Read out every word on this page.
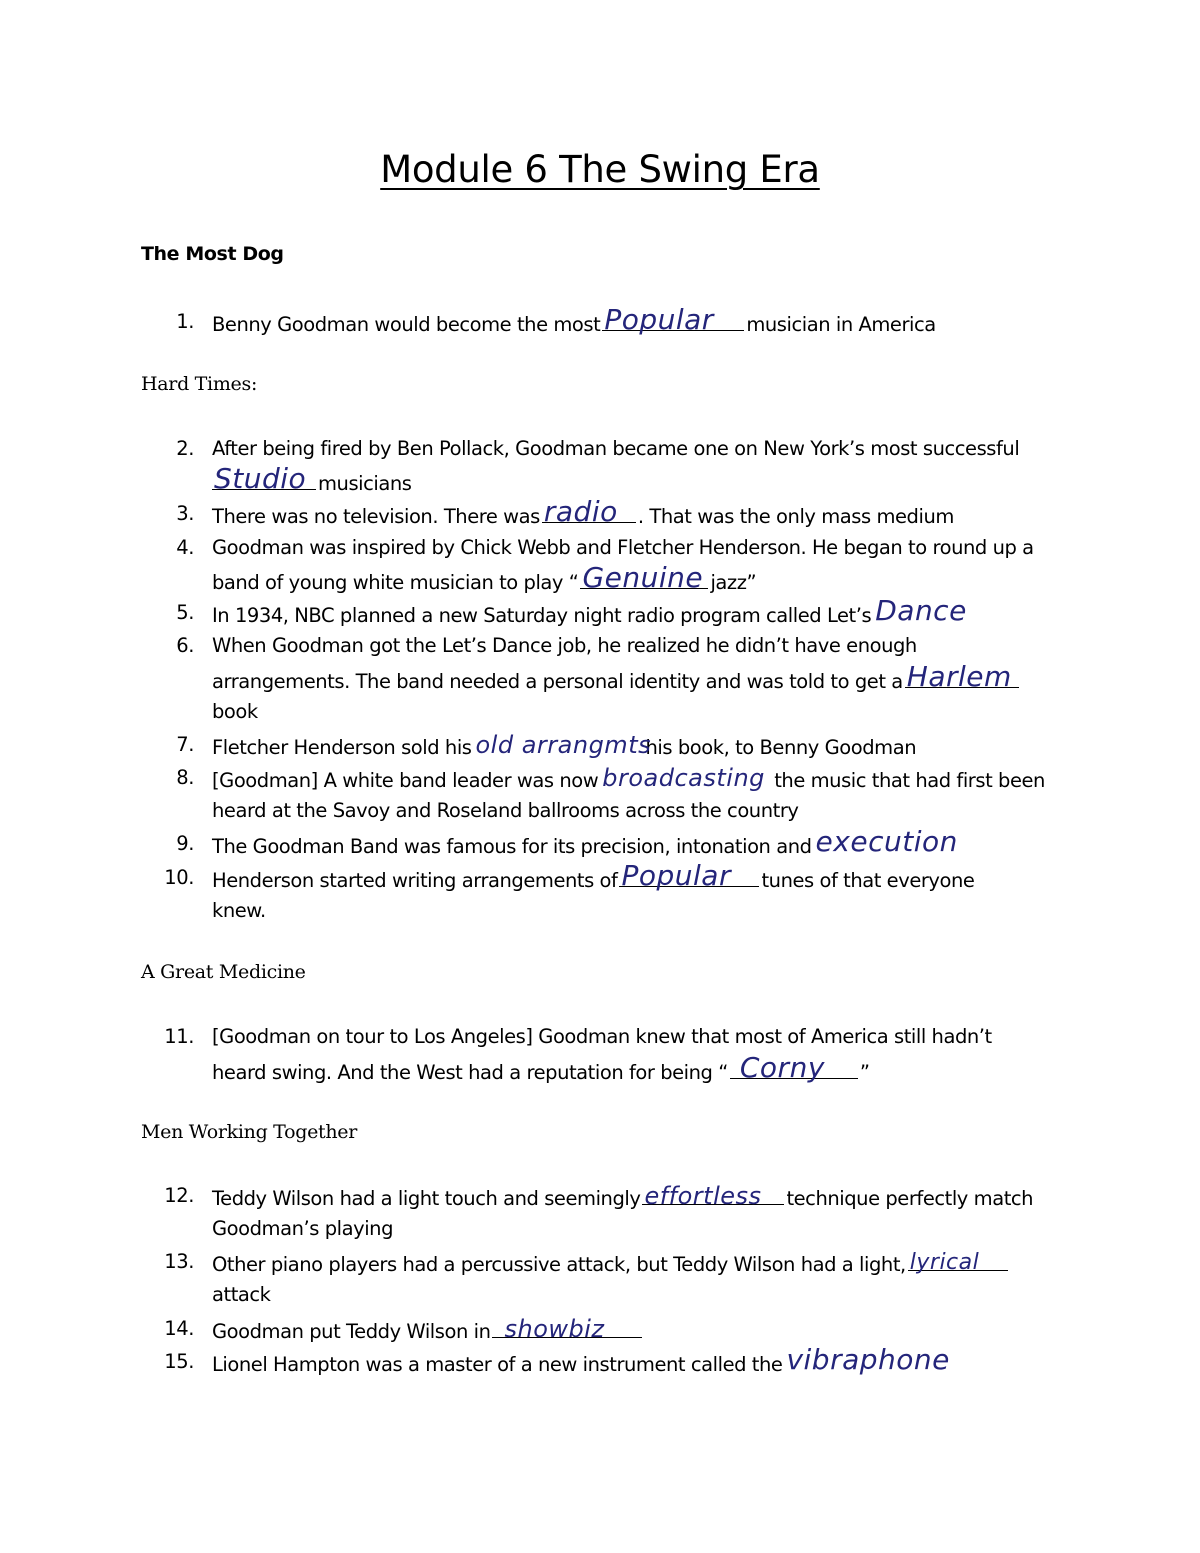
Module 6 The Swing Era
The Most Dog
1. Benny Goodman would become the most Popular musician in America
Hard Times:
2. After being fired by Ben Pollack, Goodman became one on New York’s most successful
Studio musicians
3. There was no television. There was radio . That was the only mass medium
4. Goodman was inspired by Chick Webb and Fletcher Henderson. He began to round up a
band of young white musician to play “ Genuine jazz”
5. In 1934, NBC planned a new Saturday night radio program called Let’s Dance
6. When Goodman got the Let’s Dance job, he realized he didn’t have enough
arrangements. The band needed a personal identity and was told to get a Harlem
book
7. Fletcher Henderson sold his old arrangmts
his book, to Benny Goodman
8. [Goodman] A white band leader was now broadcasting the music that had first been
heard at the Savoy and Roseland ballrooms across the country
9. The Goodman Band was famous for its precision, intonation and execution
10. Henderson started writing arrangements of Popular tunes of that everyone
knew.
A Great Medicine
11. [Goodman on tour to Los Angeles] Goodman knew that most of America still hadn’t
heard swing. And the West had a reputation for being “ Corny ”
Men Working Together
12. Teddy Wilson had a light touch and seemingly effortless technique perfectly match
Goodman’s playing
13. Other piano players had a percussive attack, but Teddy Wilson had a light, lyrical
attack
14. Goodman put Teddy Wilson in showbiz
15. Lionel Hampton was a master of a new instrument called the vibraphone
